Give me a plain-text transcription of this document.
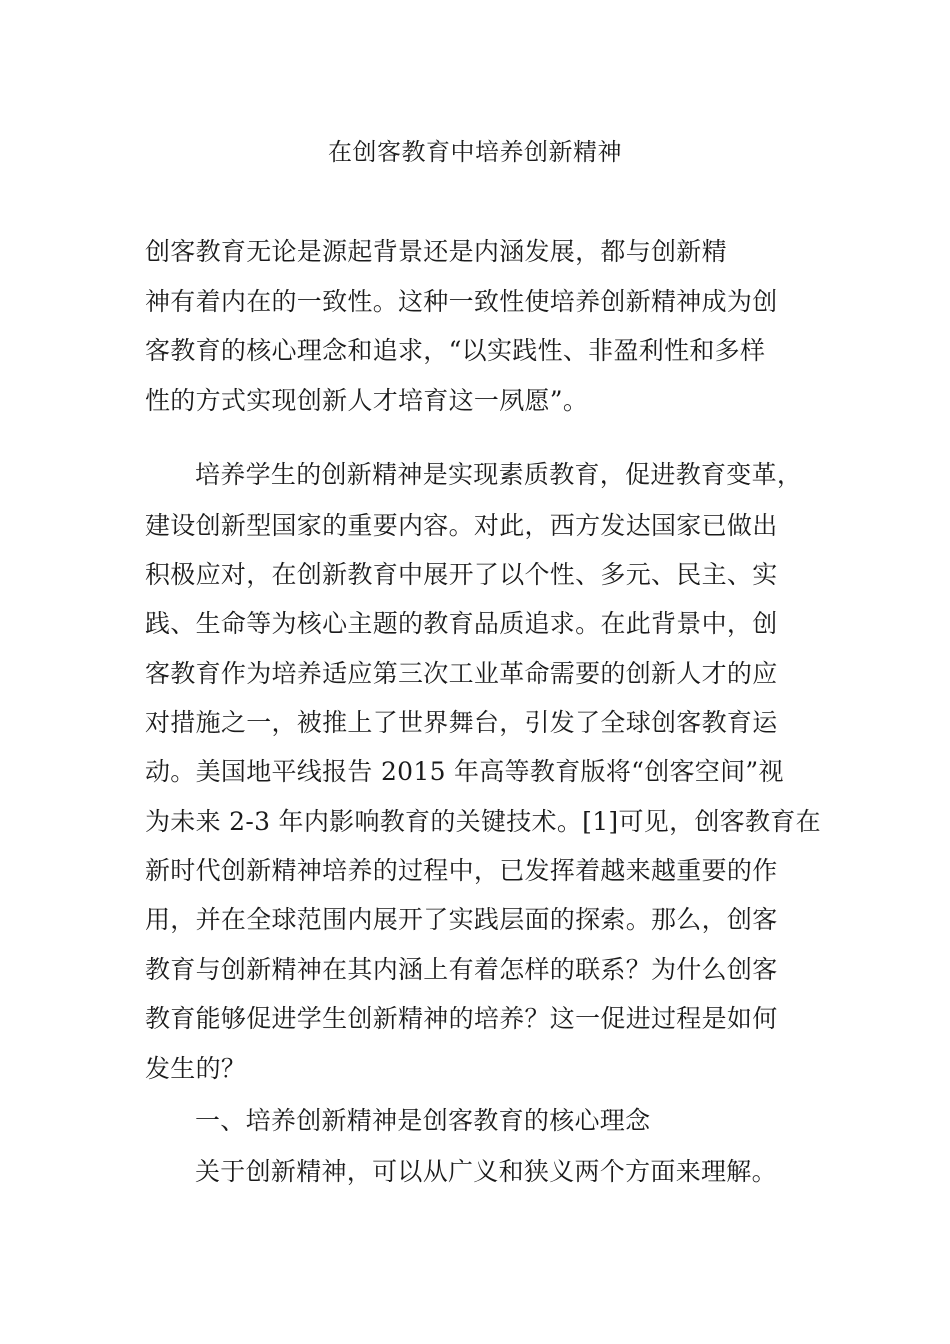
在创客教育中培养创新精神
创客教育无论是源起背景还是内涵发展，都与创新精
神有着内在的一致性。这种一致性使培养创新精神成为创
客教育的核心理念和追求，“以实践性、非盈利性和多样
性的方式实现创新人才培育这一夙愿”。
培养学生的创新精神是实现素质教育，促进教育变革，
建设创新型国家的重要内容。对此，西方发达国家已做出
积极应对，在创新教育中展开了以个性、多元、民主、实
践、生命等为核心主题的教育品质追求。在此背景中，创
客教育作为培养适应第三次工业革命需要的创新人才的应
对措施之一，被推上了世界舞台，引发了全球创客教育运
动。美国地平线报告 2015 年高等教育版将“创客空间”视
为未来 2-3 年内影响教育的关键技术。[1]可见，创客教育在
新时代创新精神培养的过程中，已发挥着越来越重要的作
用，并在全球范围内展开了实践层面的探索。那么，创客
教育与创新精神在其内涵上有着怎样的联系？为什么创客
教育能够促进学生创新精神的培养？这一促进过程是如何
发生的？
一、培养创新精神是创客教育的核心理念
关于创新精神，可以从广义和狭义两个方面来理解。
